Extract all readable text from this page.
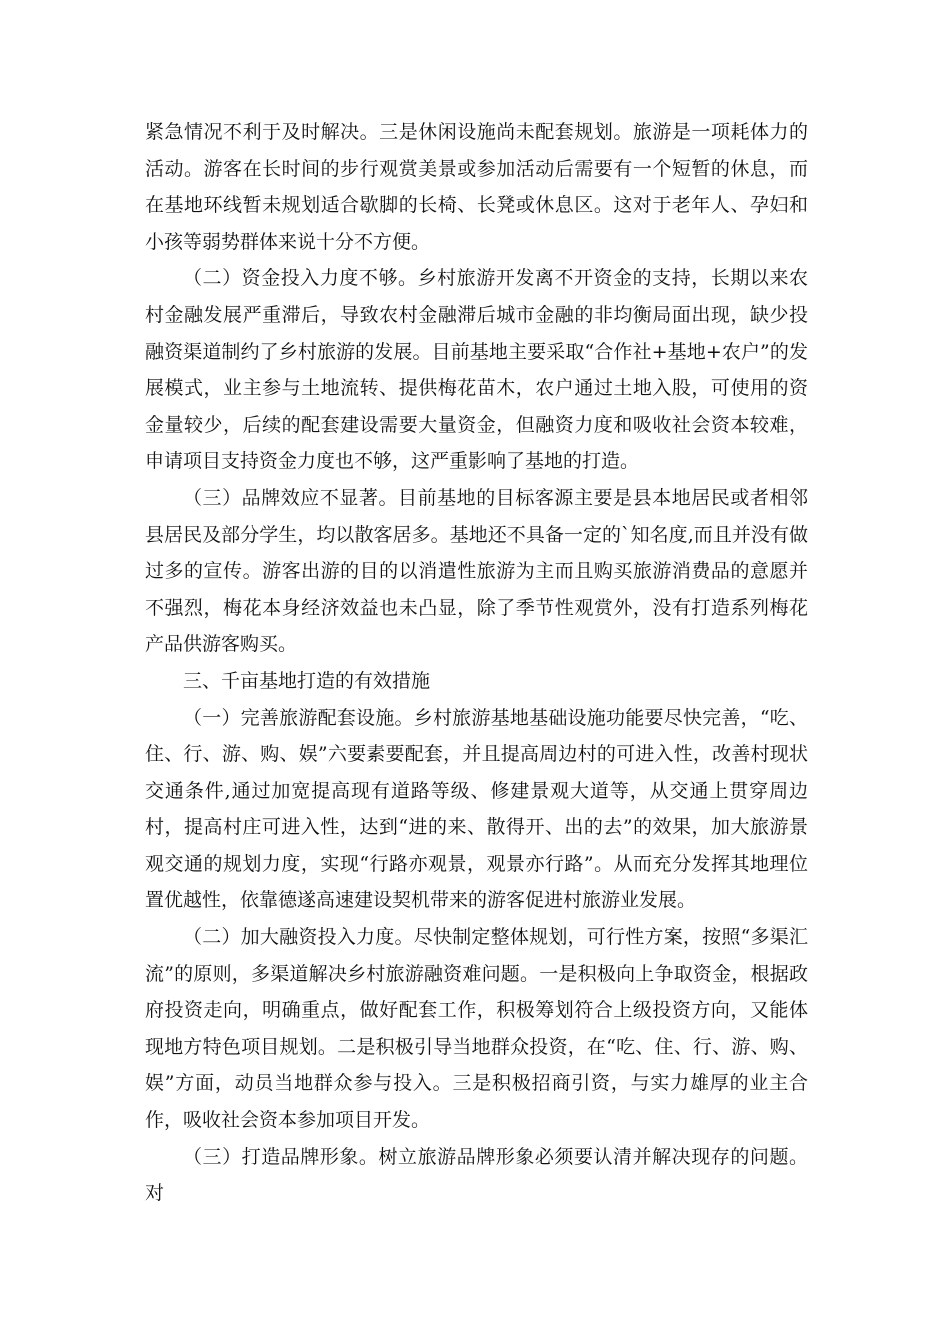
紧急情况不利于及时解决。三是休闲设施尚未配套规划。旅游是一项耗体力的活动。游客在长时间的步行观赏美景或参加活动后需要有一个短暂的休息，而在基地环线暂未规划适合歇脚的长椅、长凳或休息区。这对于老年人、孕妇和小孩等弱势群体来说十分不方便。

（二）资金投入力度不够。乡村旅游开发离不开资金的支持，长期以来农村金融发展严重滞后，导致农村金融滞后城市金融的非均衡局面出现，缺少投融资渠道制约了乡村旅游的发展。目前基地主要采取“合作社+基地+农户”的发展模式，业主参与土地流转、提供梅花苗木，农户通过土地入股，可使用的资金量较少，后续的配套建设需要大量资金，但融资力度和吸收社会资本较难，申请项目支持资金力度也不够，这严重影响了基地的打造。

（三）品牌效应不显著。目前基地的目标客源主要是县本地居民或者相邻县居民及部分学生，均以散客居多。基地还不具备一定的`知名度,而且并没有做过多的宣传。游客出游的目的以消遣性旅游为主而且购买旅游消费品的意愿并不强烈，梅花本身经济效益也未凸显，除了季节性观赏外，没有打造系列梅花产品供游客购买。

三、千亩基地打造的有效措施

（一）完善旅游配套设施。乡村旅游基地基础设施功能要尽快完善，“吃、住、行、游、购、娱”六要素要配套，并且提高周边村的可进入性，改善村现状交通条件,通过加宽提高现有道路等级、修建景观大道等，从交通上贯穿周边村，提高村庄可进入性，达到“进的来、散得开、出的去”的效果，加大旅游景观交通的规划力度，实现“行路亦观景，观景亦行路”。从而充分发挥其地理位置优越性，依靠德遂高速建设契机带来的游客促进村旅游业发展。

（二）加大融资投入力度。尽快制定整体规划，可行性方案，按照“多渠汇流”的原则，多渠道解决乡村旅游融资难问题。一是积极向上争取资金，根据政府投资走向，明确重点，做好配套工作，积极筹划符合上级投资方向，又能体现地方特色项目规划。二是积极引导当地群众投资，在“吃、住、行、游、购、娱”方面，动员当地群众参与投入。三是积极招商引资，与实力雄厚的业主合作，吸收社会资本参加项目开发。

（三）打造品牌形象。树立旅游品牌形象必须要认清并解决现存的问题。对
